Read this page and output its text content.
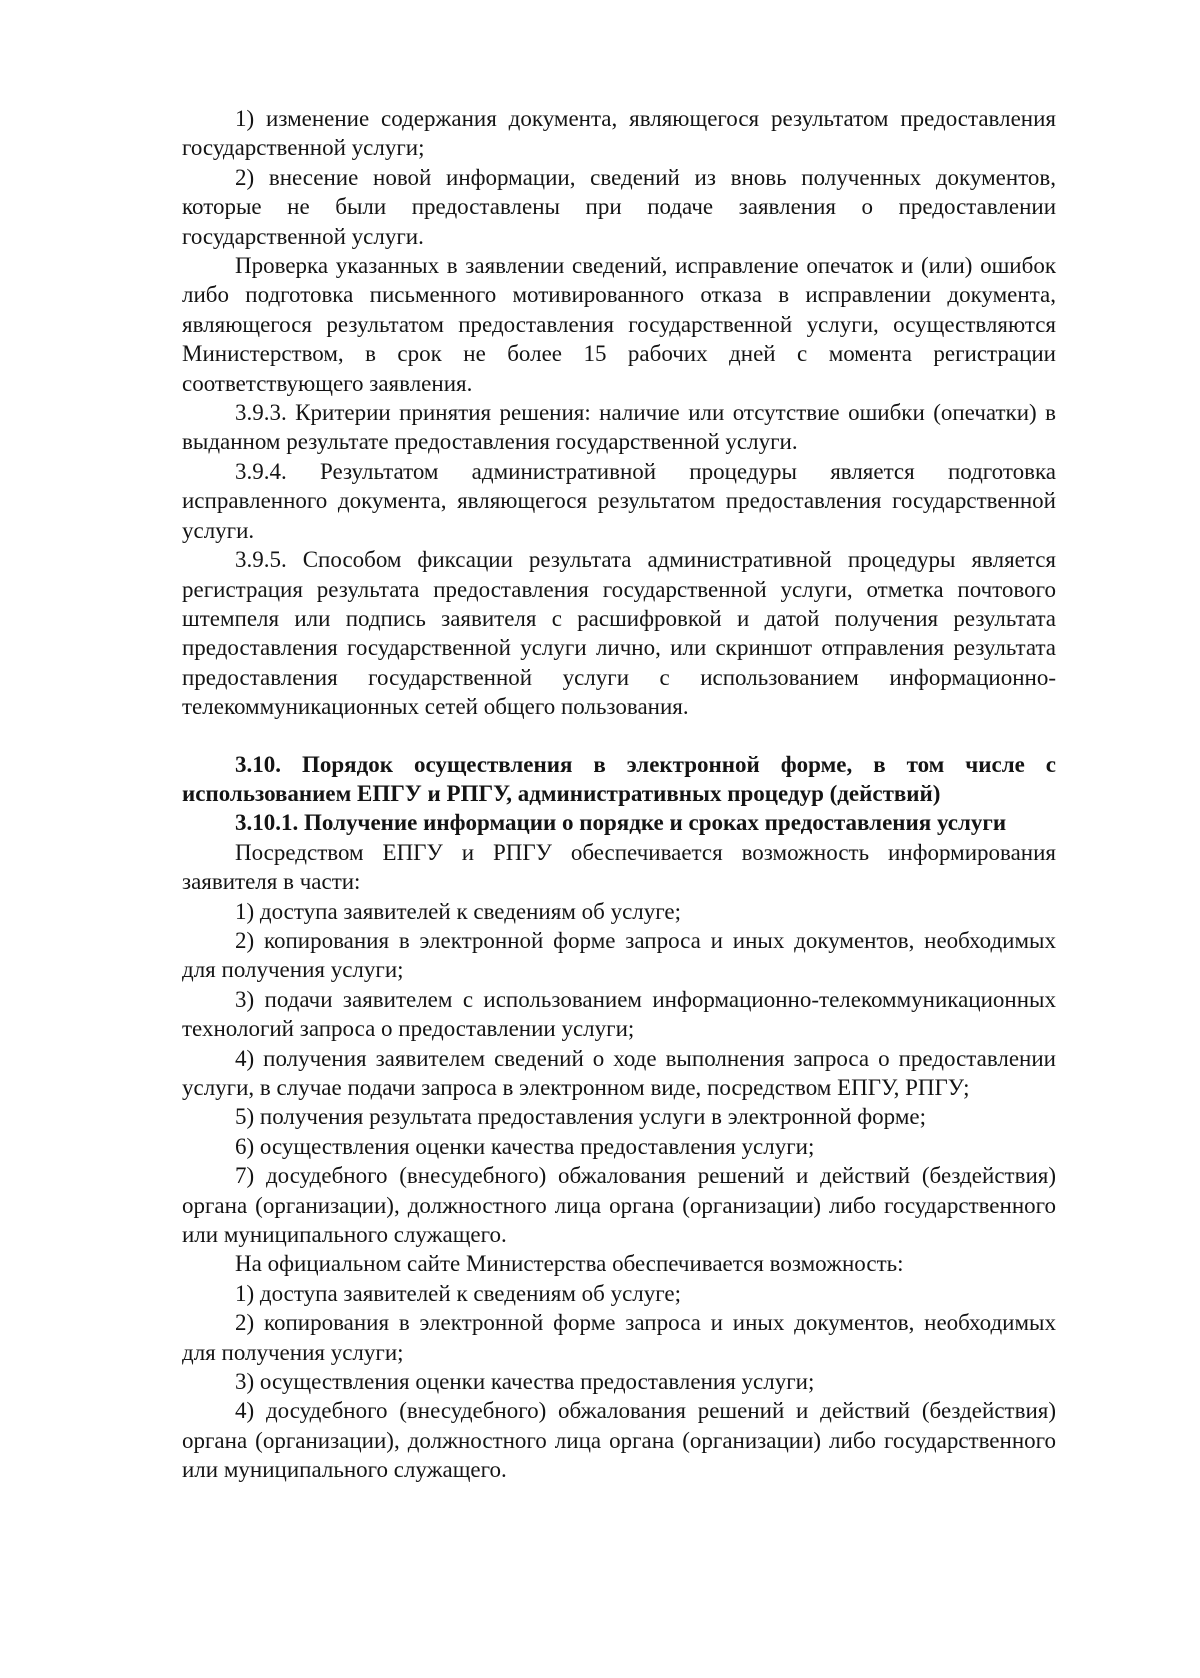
1) изменение содержания документа, являющегося результатом предоставления государственной услуги;

2) внесение новой информации, сведений из вновь полученных документов, которые не были предоставлены при подаче заявления о предоставлении государственной услуги.

Проверка указанных в заявлении сведений, исправление опечаток и (или) ошибок либо подготовка письменного мотивированного отказа в исправлении документа, являющегося результатом предоставления государственной услуги, осуществляются Министерством, в срок не более 15 рабочих дней с момента регистрации соответствующего заявления.

3.9.3. Критерии принятия решения: наличие или отсутствие ошибки (опечатки) в выданном результате предоставления государственной услуги.

3.9.4. Результатом административной процедуры является подготовка исправленного документа, являющегося результатом предоставления государственной услуги.

3.9.5. Способом фиксации результата административной процедуры является регистрация результата предоставления государственной услуги, отметка почтового штемпеля или подпись заявителя с расшифровкой и датой получения результата предоставления государственной услуги лично, или скриншот отправления результата предоставления государственной услуги с использованием информационно-телекоммуникационных сетей общего пользования.

3.10. Порядок осуществления в электронной форме, в том числе с использованием ЕПГУ и РПГУ, административных процедур (действий)

3.10.1. Получение информации о порядке и сроках предоставления услуги

Посредством ЕПГУ и РПГУ обеспечивается возможность информирования заявителя в части:

1) доступа заявителей к сведениям об услуге;

2) копирования в электронной форме запроса и иных документов, необходимых для получения услуги;

3) подачи заявителем с использованием информационно-телекоммуникационных технологий запроса о предоставлении услуги;

4) получения заявителем сведений о ходе выполнения запроса о предоставлении услуги, в случае подачи запроса в электронном виде, посредством ЕПГУ, РПГУ;

5) получения результата предоставления услуги в электронной форме;

6) осуществления оценки качества предоставления услуги;

7) досудебного (внесудебного) обжалования решений и действий (бездействия) органа (организации), должностного лица органа (организации) либо государственного или муниципального служащего.

На официальном сайте Министерства обеспечивается возможность:

1) доступа заявителей к сведениям об услуге;

2) копирования в электронной форме запроса и иных документов, необходимых для получения услуги;

3) осуществления оценки качества предоставления услуги;

4) досудебного (внесудебного) обжалования решений и действий (бездействия) органа (организации), должностного лица органа (организации) либо государственного или муниципального служащего.
